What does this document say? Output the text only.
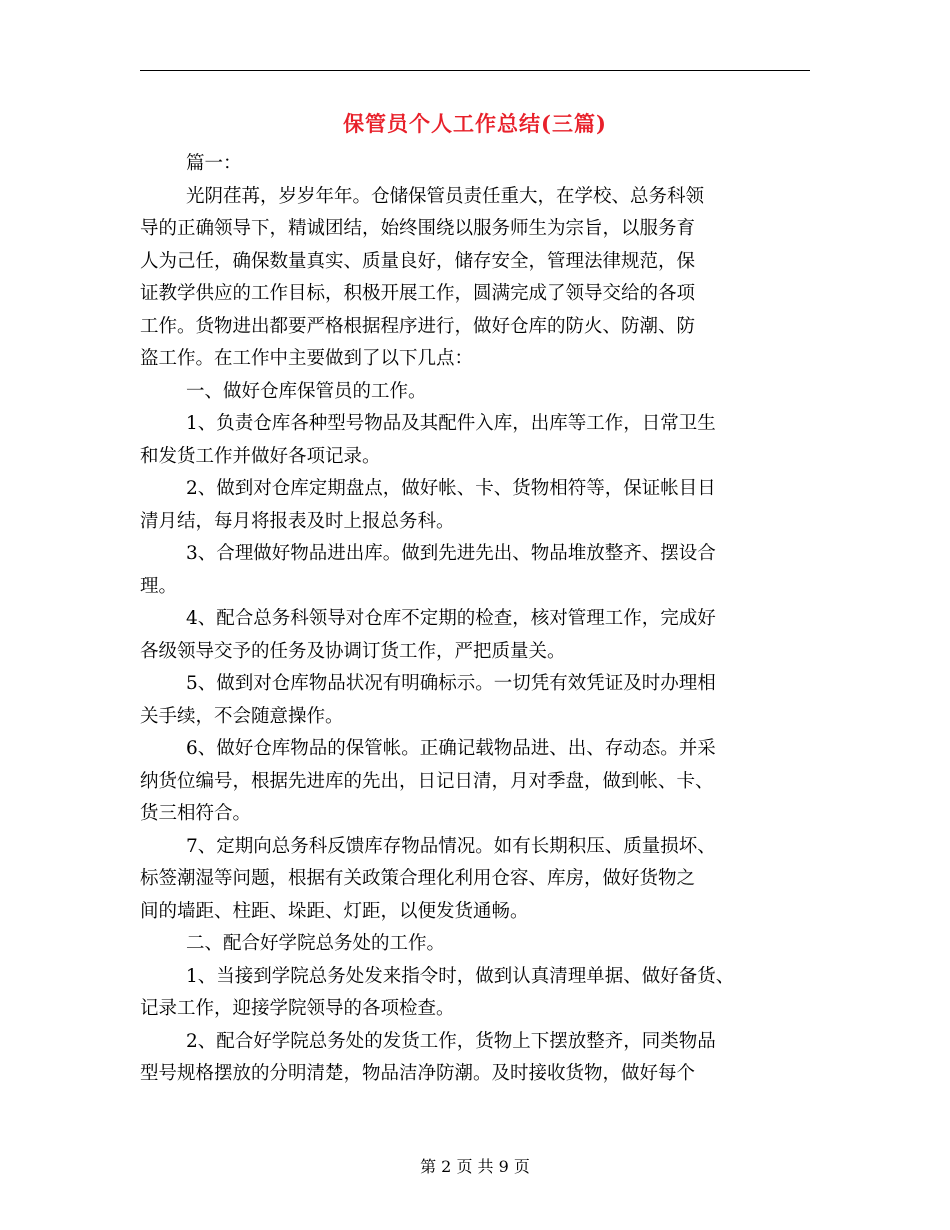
保管员个人工作总结(三篇)
篇一：
光阴荏苒，岁岁年年。仓储保管员责任重大，在学校、总务科领
导的正确领导下，精诚团结，始终围绕以服务师生为宗旨，以服务育
人为己任，确保数量真实、质量良好，储存安全，管理法律规范，保
证教学供应的工作目标，积极开展工作，圆满完成了领导交给的各项
工作。货物进出都要严格根据程序进行，做好仓库的防火、防潮、防
盗工作。在工作中主要做到了以下几点：
一、做好仓库保管员的工作。
1、负责仓库各种型号物品及其配件入库，出库等工作，日常卫生
和发货工作并做好各项记录。
2、做到对仓库定期盘点，做好帐、卡、货物相符等，保证帐目日
清月结，每月将报表及时上报总务科。
3、合理做好物品进出库。做到先进先出、物品堆放整齐、摆设合
理。
4、配合总务科领导对仓库不定期的检查，核对管理工作，完成好
各级领导交予的任务及协调订货工作，严把质量关。
5、做到对仓库物品状况有明确标示。一切凭有效凭证及时办理相
关手续，不会随意操作。
6、做好仓库物品的保管帐。正确记载物品进、出、存动态。并采
纳货位编号，根据先进库的先出，日记日清，月对季盘，做到帐、卡、
货三相符合。
7、定期向总务科反馈库存物品情况。如有长期积压、质量损坏、
标签潮湿等问题，根据有关政策合理化利用仓容、库房，做好货物之
间的墙距、柱距、垛距、灯距，以便发货通畅。
二、配合好学院总务处的工作。
1、当接到学院总务处发来指令时，做到认真清理单据、做好备货、
记录工作，迎接学院领导的各项检查。
2、配合好学院总务处的发货工作，货物上下摆放整齐，同类物品
型号规格摆放的分明清楚，物品洁净防潮。及时接收货物，做好每个
第 2 页 共 9 页
